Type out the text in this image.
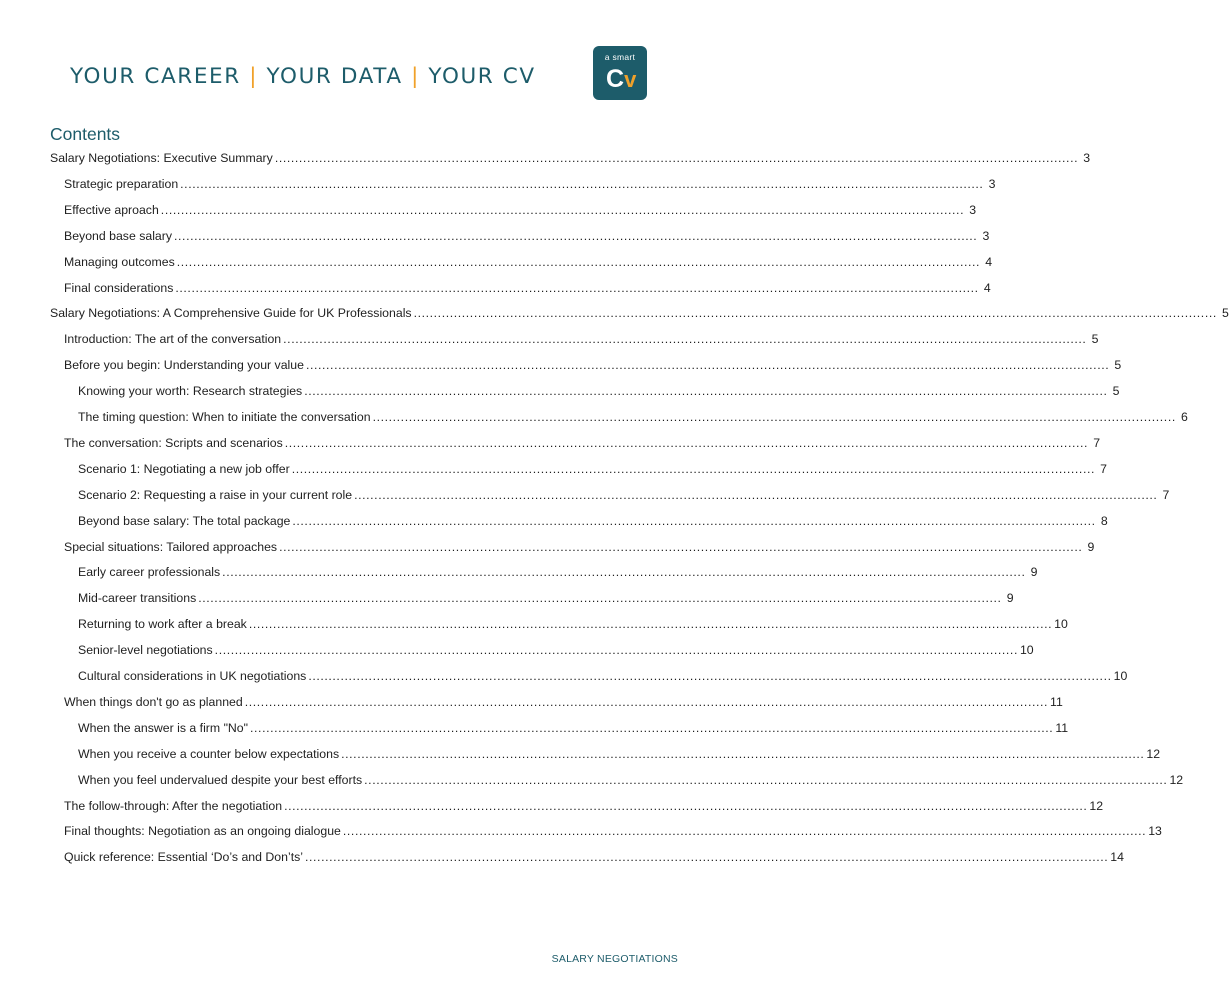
YOUR CAREER | YOUR DATA | YOUR CV
a smart
Cv
Contents
Salary Negotiations: Executive Summary ........................................................................................................................................................................................................ 3
Strategic preparation ........................................................................................................................................................................................................ 3
Effective aproach ........................................................................................................................................................................................................ 3
Beyond base salary ........................................................................................................................................................................................................ 3
Managing outcomes ........................................................................................................................................................................................................ 4
Final considerations ........................................................................................................................................................................................................ 4
Salary Negotiations: A Comprehensive Guide for UK Professionals ........................................................................................................................................................................................................ 5
Introduction: The art of the conversation ........................................................................................................................................................................................................ 5
Before you begin: Understanding your value ........................................................................................................................................................................................................ 5
Knowing your worth: Research strategies ........................................................................................................................................................................................................ 5
The timing question: When to initiate the conversation ........................................................................................................................................................................................................ 6
The conversation: Scripts and scenarios ........................................................................................................................................................................................................ 7
Scenario 1: Negotiating a new job offer ........................................................................................................................................................................................................ 7
Scenario 2: Requesting a raise in your current role ........................................................................................................................................................................................................ 7
Beyond base salary: The total package ........................................................................................................................................................................................................ 8
Special situations: Tailored approaches ........................................................................................................................................................................................................ 9
Early career professionals ........................................................................................................................................................................................................ 9
Mid-career transitions ........................................................................................................................................................................................................ 9
Returning to work after a break ........................................................................................................................................................................................................ 10
Senior-level negotiations ........................................................................................................................................................................................................ 10
Cultural considerations in UK negotiations ........................................................................................................................................................................................................ 10
When things don't go as planned ........................................................................................................................................................................................................ 11
When the answer is a firm "No" ........................................................................................................................................................................................................ 11
When you receive a counter below expectations ........................................................................................................................................................................................................ 12
When you feel undervalued despite your best efforts ........................................................................................................................................................................................................ 12
The follow-through: After the negotiation ........................................................................................................................................................................................................ 12
Final thoughts: Negotiation as an ongoing dialogue ........................................................................................................................................................................................................ 13
Quick reference: Essential ‘Do’s and Don’ts’ ........................................................................................................................................................................................................ 14
SALARY NEGOTIATIONS
